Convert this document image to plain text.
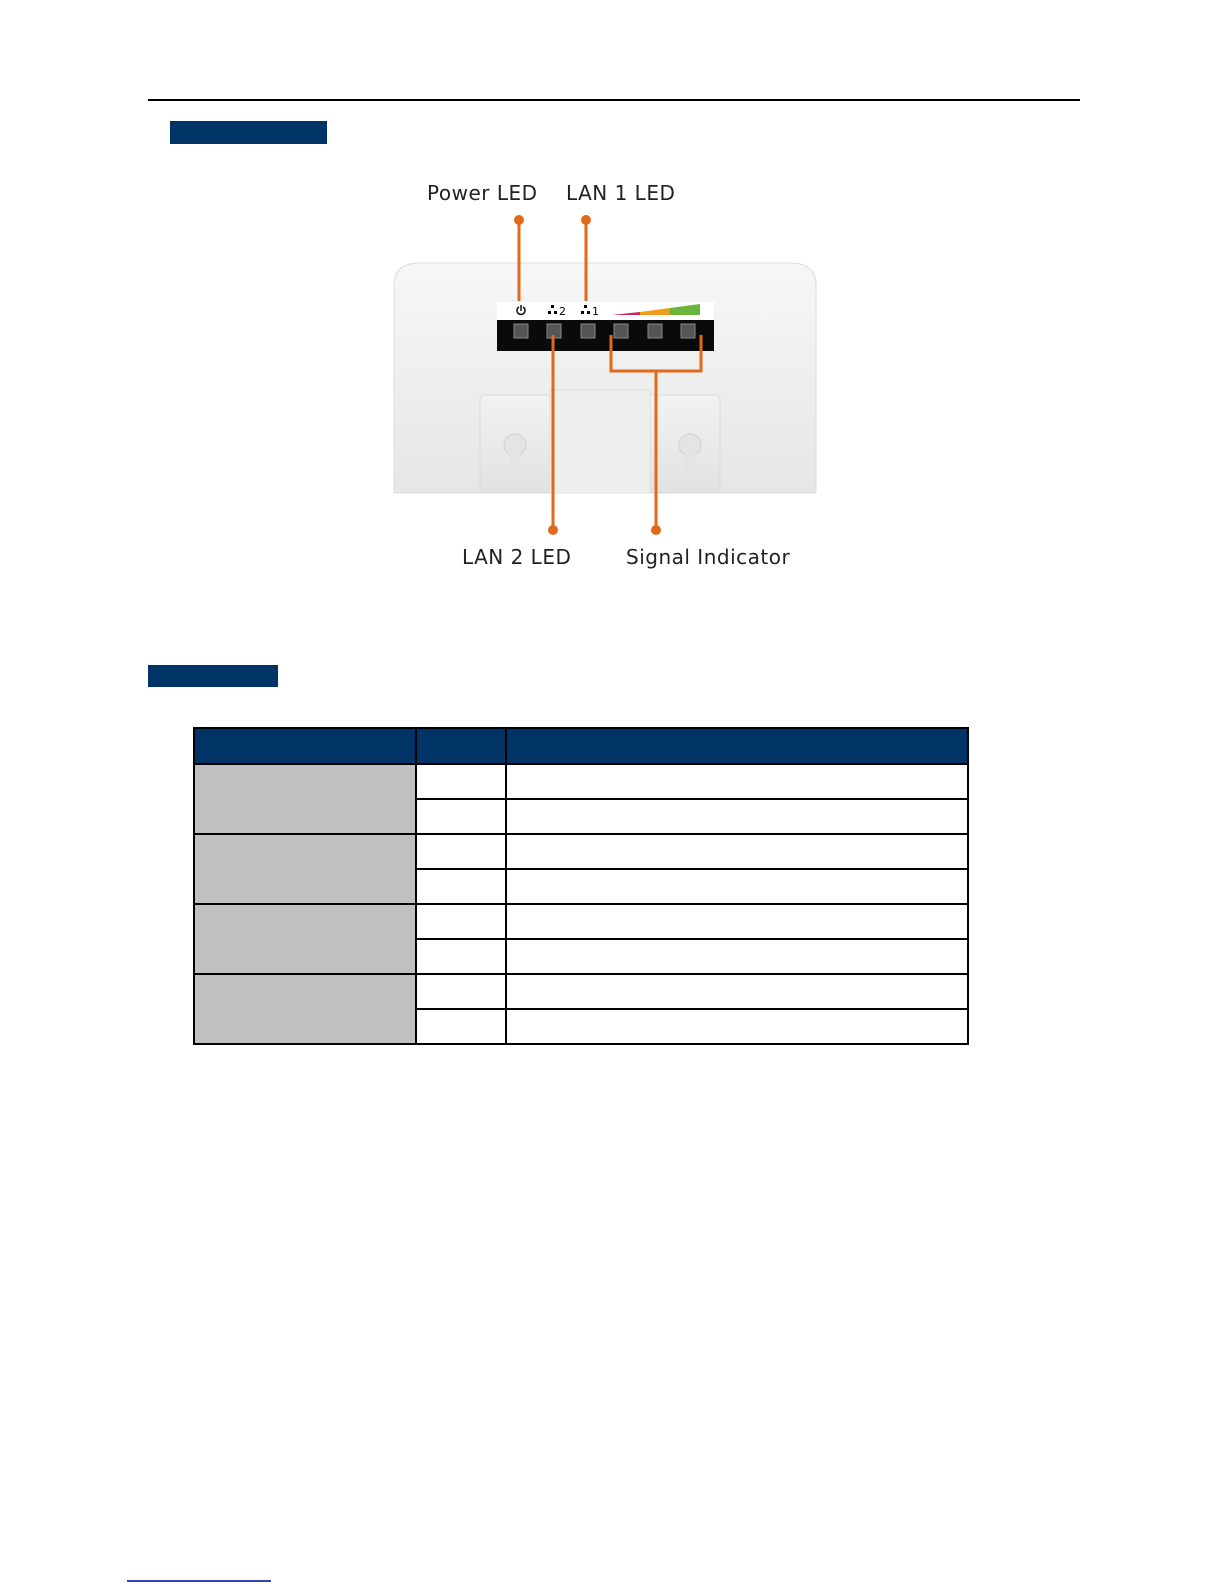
2 1
Power LED LAN 1 LED
LAN 2 LED	Signal Indicator
